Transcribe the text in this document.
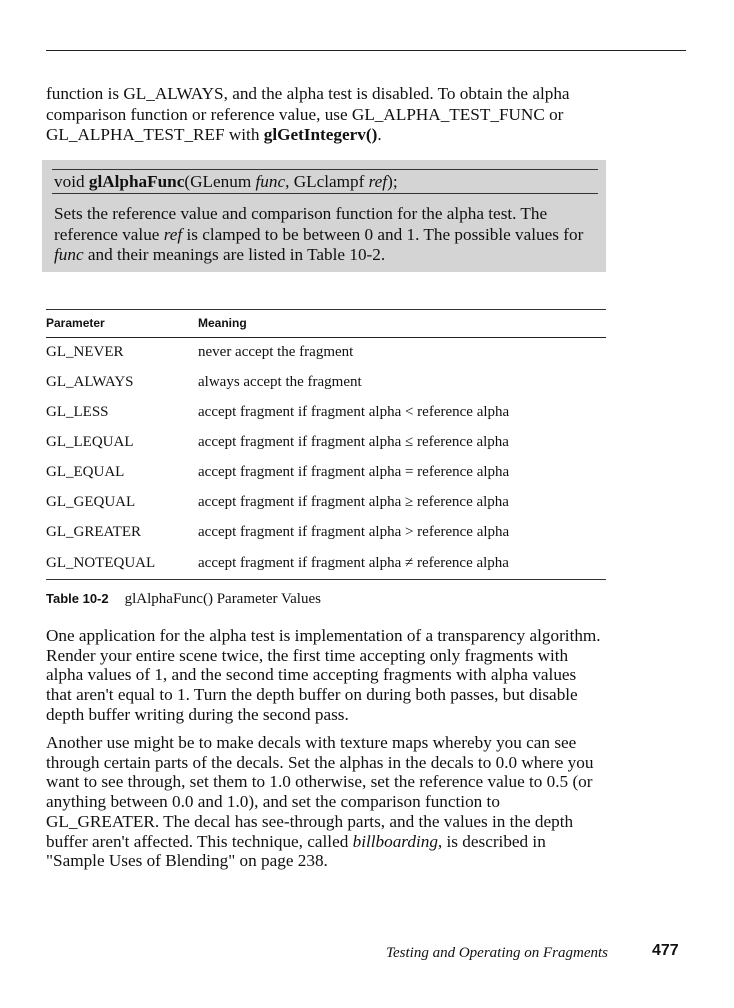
function is GL_ALWAYS, and the alpha test is disabled. To obtain the alpha comparison function or reference value, use GL_ALPHA_TEST_FUNC or GL_ALPHA_TEST_REF with glGetIntegerv().

void glAlphaFunc(GLenum func, GLclampf ref);

Sets the reference value and comparison function for the alpha test. The reference value ref is clamped to be between 0 and 1. The possible values for func and their meanings are listed in Table 10-2.

Parameter	Meaning
GL_NEVER	never accept the fragment
GL_ALWAYS	always accept the fragment
GL_LESS	accept fragment if fragment alpha < reference alpha
GL_LEQUAL	accept fragment if fragment alpha ≤ reference alpha
GL_EQUAL	accept fragment if fragment alpha = reference alpha
GL_GEQUAL	accept fragment if fragment alpha ≥ reference alpha
GL_GREATER	accept fragment if fragment alpha > reference alpha
GL_NOTEQUAL	accept fragment if fragment alpha ≠ reference alpha
Table 10-2 glAlphaFunc() Parameter Values

One application for the alpha test is implementation of a transparency algorithm. Render your entire scene twice, the first time accepting only fragments with alpha values of 1, and the second time accepting fragments with alpha values that aren't equal to 1. Turn the depth buffer on during both passes, but disable depth buffer writing during the second pass.

Another use might be to make decals with texture maps whereby you can see through certain parts of the decals. Set the alphas in the decals to 0.0 where you want to see through, set them to 1.0 otherwise, set the reference value to 0.5 (or anything between 0.0 and 1.0), and set the comparison function to GL_GREATER. The decal has see-through parts, and the values in the depth buffer aren't affected. This technique, called billboarding, is described in "Sample Uses of Blending" on page 238.

Testing and Operating on Fragments	477
